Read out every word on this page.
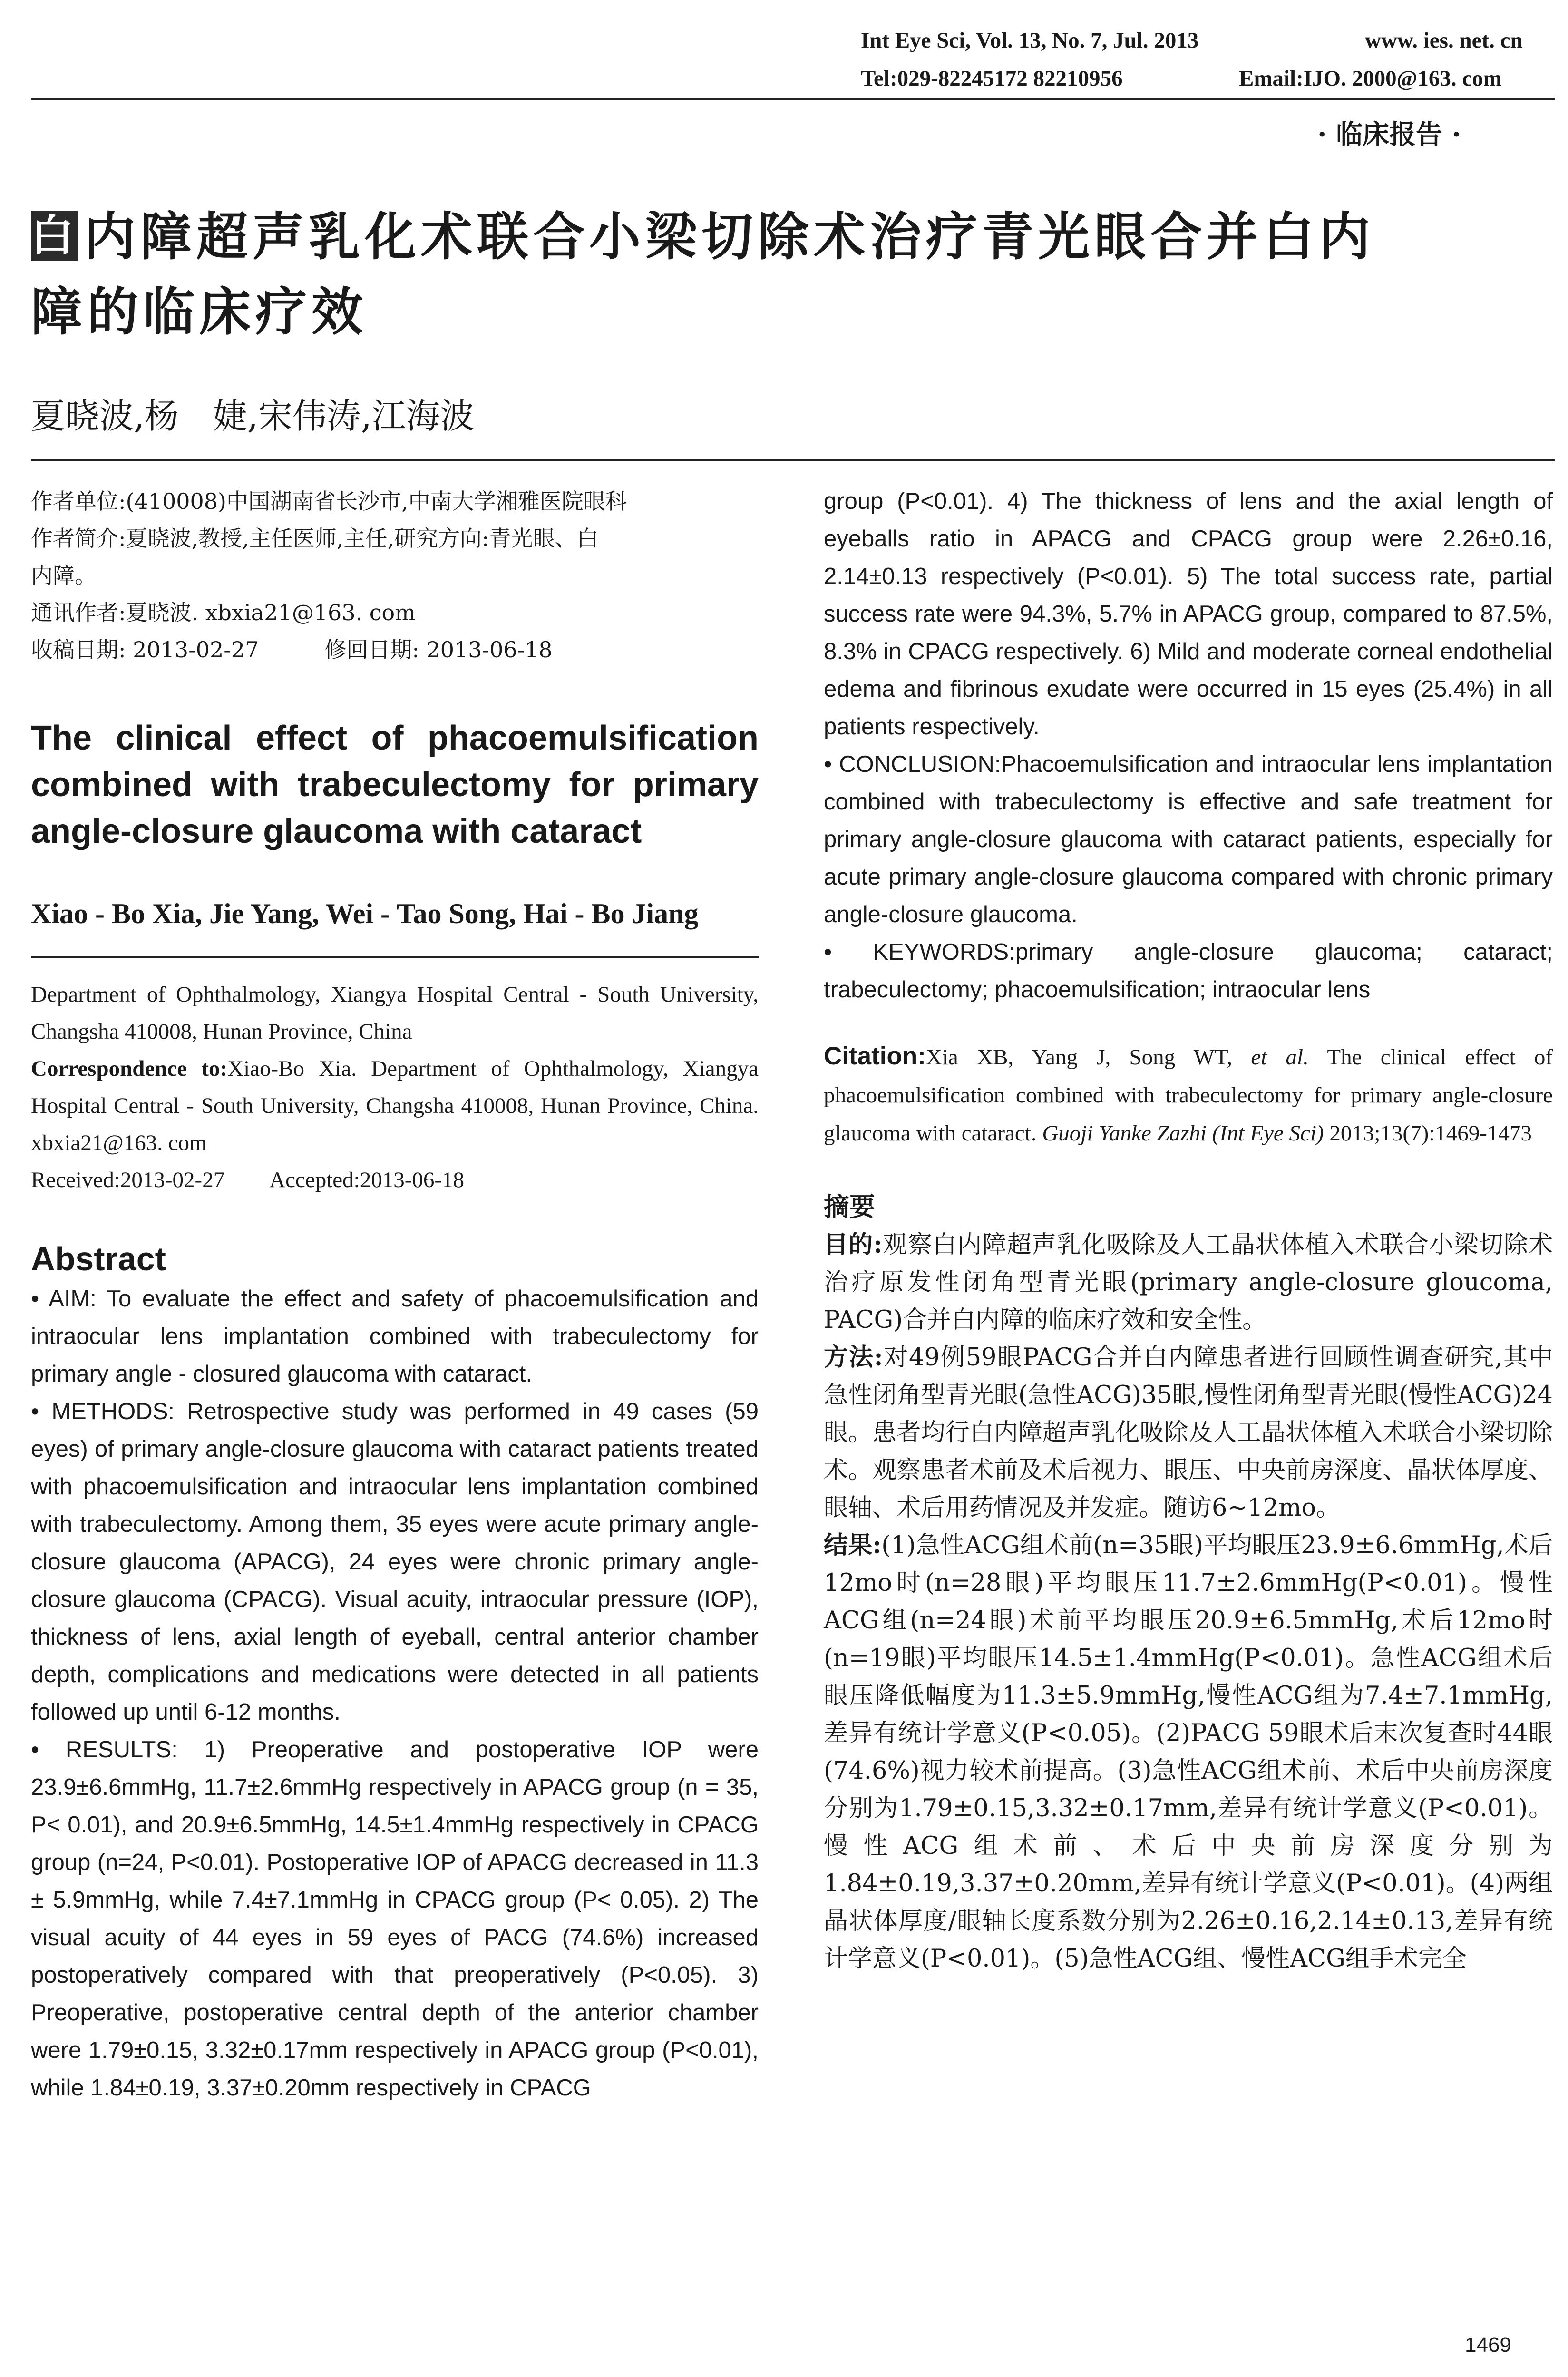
Int Eye Sci, Vol. 13, No. 7, Jul. 2013	www. ies. net. cn
Tel:029-82245172 82210956	Email:IJO. 2000@163. com
· 临床报告 ·
白 内障超声乳化术联合小梁切除术治疗青光眼合并白内
障的临床疗效
夏晓波,杨　婕,宋伟涛,江海波
作者单位:(410008)中国湖南省长沙市,中南大学湘雅医院眼科
作者简介:夏晓波,教授,主任医师,主任,研究方向:青光眼、白
内障。
通讯作者:夏晓波. xbxia21@163. com
收稿日期: 2013-02-27　　　修回日期: 2013-06-18
The clinical effect of phacoemulsification combined with trabeculectomy for primary angle-closure glaucoma with cataract
Xiao - Bo Xia, Jie Yang, Wei - Tao Song, Hai - Bo Jiang
Department of Ophthalmology, Xiangya Hospital Central - South University, Changsha 410008, Hunan Province, China
Correspondence to:Xiao-Bo Xia. Department of Ophthalmology, Xiangya Hospital Central - South University, Changsha 410008, Hunan Province, China. xbxia21@163. com
Received:2013-02-27　　Accepted:2013-06-18
Abstract

• AIM: To evaluate the effect and safety of phacoemulsification and intraocular lens implantation combined with trabeculectomy for primary angle - closured glaucoma with cataract.

• METHODS: Retrospective study was performed in 49 cases (59 eyes) of primary angle-closure glaucoma with cataract patients treated with phacoemulsification and intraocular lens implantation combined with trabeculectomy. Among them, 35 eyes were acute primary angle-closure glaucoma (APACG), 24 eyes were chronic primary angle-closure glaucoma (CPACG). Visual acuity, intraocular pressure (IOP), thickness of lens, axial length of eyeball, central anterior chamber depth, complications and medications were detected in all patients followed up until 6-12 months.

• RESULTS: 1) Preoperative and postoperative IOP were 23.9±6.6mmHg, 11.7±2.6mmHg respectively in APACG group (n = 35, P< 0.01), and 20.9±6.5mmHg, 14.5±1.4mmHg respectively in CPACG group (n=24, P<0.01). Postoperative IOP of APACG decreased in 11.3 ± 5.9mmHg, while 7.4±7.1mmHg in CPACG group (P< 0.05). 2) The visual acuity of 44 eyes in 59 eyes of PACG (74.6%) increased postoperatively compared with that preoperatively (P<0.05). 3) Preoperative, postoperative central depth of the anterior chamber were 1.79±0.15, 3.32±0.17mm respectively in APACG group (P<0.01), while 1.84±0.19, 3.37±0.20mm respectively in CPACG

group (P<0.01). 4) The thickness of lens and the axial length of eyeballs ratio in APACG and CPACG group were 2.26±0.16, 2.14±0.13 respectively (P<0.01). 5) The total success rate, partial success rate were 94.3%, 5.7% in APACG group, compared to 87.5%, 8.3% in CPACG respectively. 6) Mild and moderate corneal endothelial edema and fibrinous exudate were occurred in 15 eyes (25.4%) in all patients respectively.

• CONCLUSION:Phacoemulsification and intraocular lens implantation combined with trabeculectomy is effective and safe treatment for primary angle-closure glaucoma with cataract patients, especially for acute primary angle-closure glaucoma compared with chronic primary angle-closure glaucoma.

• KEYWORDS:primary angle-closure glaucoma; cataract; trabeculectomy; phacoemulsification; intraocular lens

Citation:Xia XB, Yang J, Song WT, et al. The clinical effect of phacoemulsification combined with trabeculectomy for primary angle-closure glaucoma with cataract. Guoji Yanke Zazhi (Int Eye Sci) 2013;13(7):1469-1473
摘要

目的:观察白内障超声乳化吸除及人工晶状体植入术联合小梁切除术治疗原发性闭角型青光眼(primary angle-closure gloucoma, PACG)合并白内障的临床疗效和安全性。

方法:对49例59眼PACG合并白内障患者进行回顾性调查研究,其中急性闭角型青光眼(急性ACG)35眼,慢性闭角型青光眼(慢性ACG)24眼。患者均行白内障超声乳化吸除及人工晶状体植入术联合小梁切除术。观察患者术前及术后视力、眼压、中央前房深度、晶状体厚度、眼轴、术后用药情况及并发症。随访6~12mo。

结果:(1)急性ACG组术前(n=35眼)平均眼压23.9±6.6mmHg,术后12mo时(n=28眼)平均眼压11.7±2.6mmHg(P<0.01)。慢性ACG组(n=24眼)术前平均眼压20.9±6.5mmHg,术后12mo时(n=19眼)平均眼压14.5±1.4mmHg(P<0.01)。急性ACG组术后眼压降低幅度为11.3±5.9mmHg,慢性ACG组为7.4±7.1mmHg,差异有统计学意义(P<0.05)。(2)PACG 59眼术后末次复查时44眼(74.6%)视力较术前提高。(3)急性ACG组术前、术后中央前房深度分别为1.79±0.15,3.32±0.17mm,差异有统计学意义(P<0.01)。慢性ACG组术前、术后中央前房深度分别为1.84±0.19,3.37±0.20mm,差异有统计学意义(P<0.01)。(4)两组晶状体厚度/眼轴长度系数分别为2.26±0.16,2.14±0.13,差异有统计学意义(P<0.01)。(5)急性ACG组、慢性ACG组手术完全

1469
